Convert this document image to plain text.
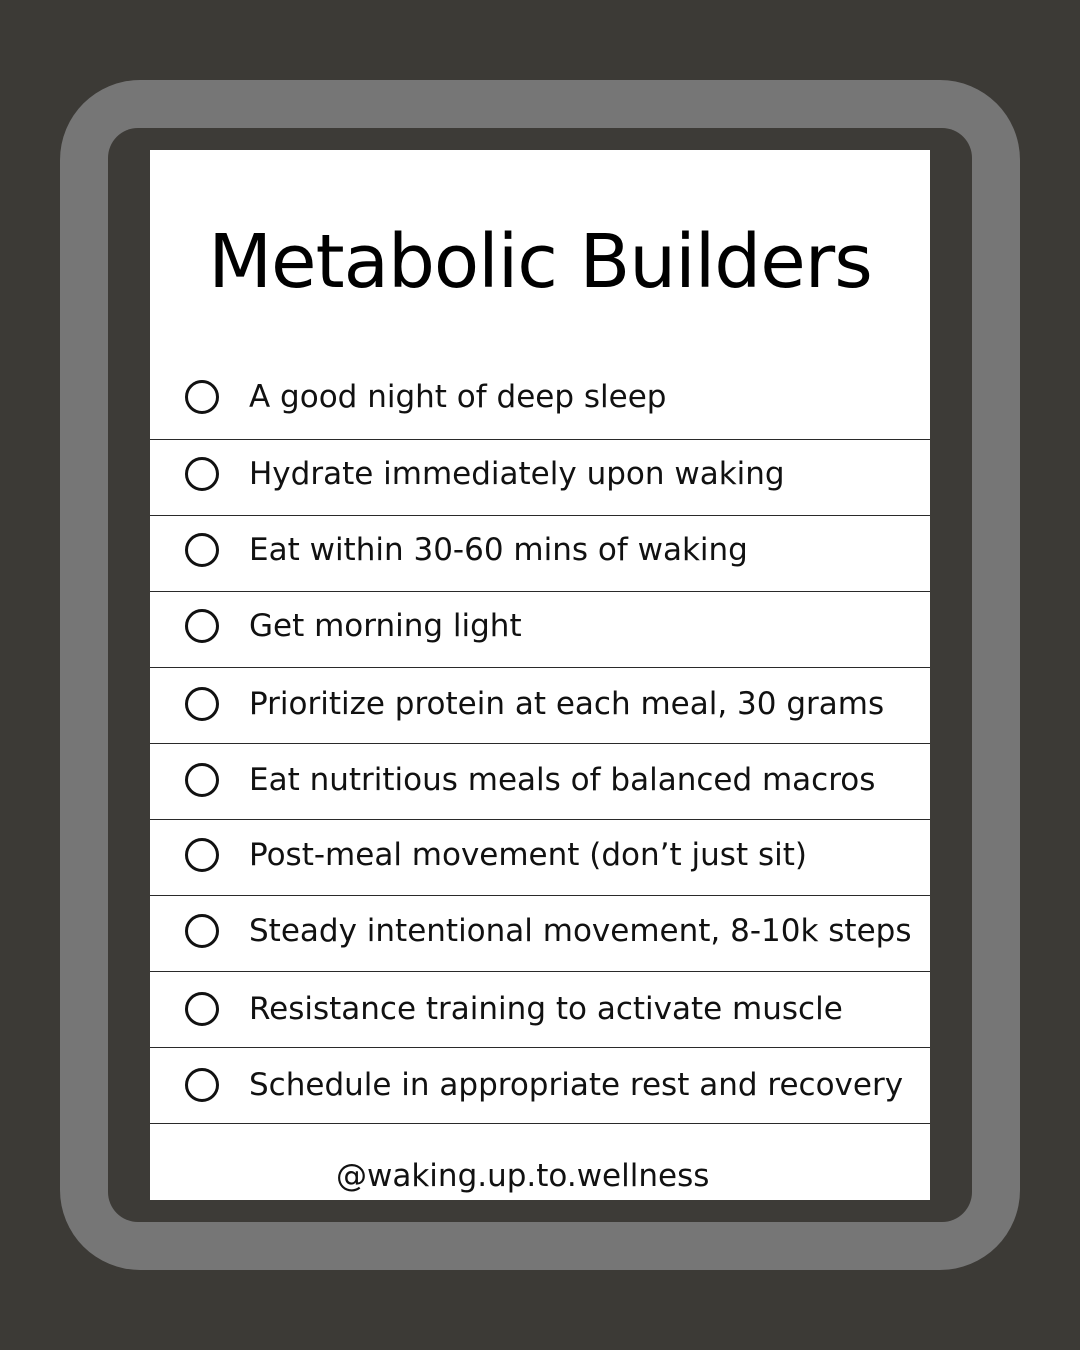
Metabolic Builders
A good night of deep sleep
Hydrate immediately upon waking
Eat within 30-60 mins of waking
Get morning light
Prioritize protein at each meal, 30 grams
Eat nutritious meals of balanced macros
Post-meal movement (don’t just sit)
Steady intentional movement, 8-10k steps
Resistance training to activate muscle
Schedule in appropriate rest and recovery
@waking.up.to.wellness
